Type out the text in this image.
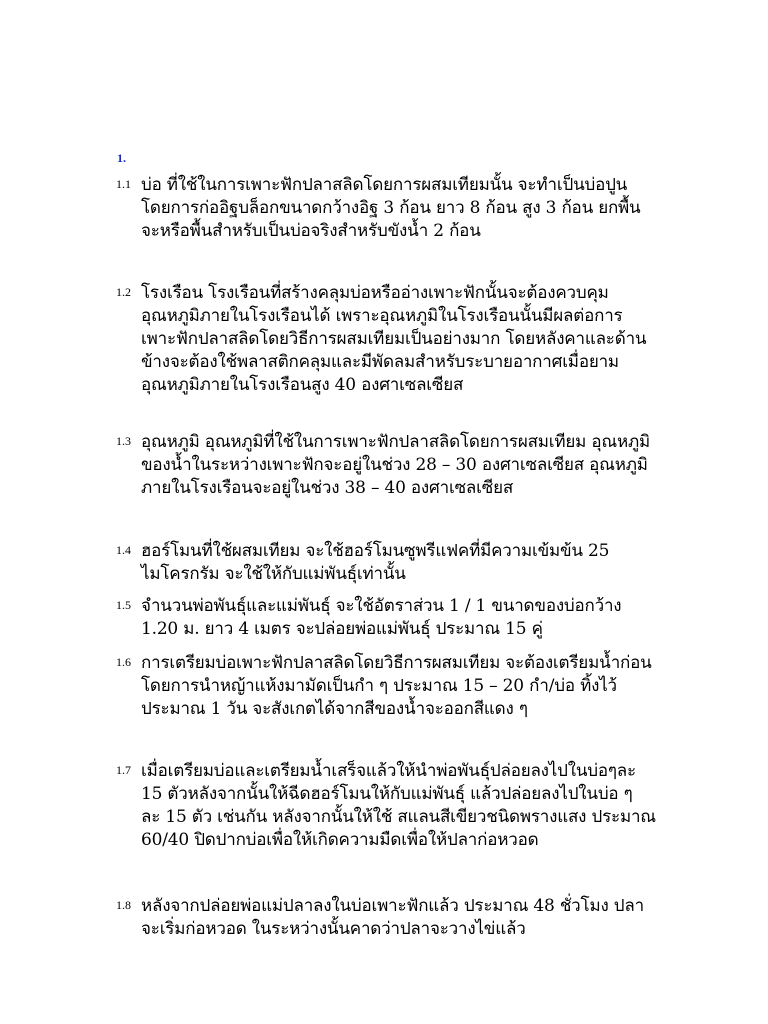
1.
1.1 บ่อ ที่ใช้ในการเพาะฟักปลาสลิดโดยการผสมเทียมนั้น จะทำเป็นบ่อปูนโดยการก่ออิฐบล็อกขนาดกว้างอิฐ 3 ก้อน ยาว 8 ก้อน สูง 3 ก้อน ยกพื้นจะหรือพื้นสำหรับเป็นบ่อจริงสำหรับขังน้ำ 2 ก้อน
1.2 โรงเรือน โรงเรือนที่สร้างคลุมบ่อหรืออ่างเพาะฟักนั้นจะต้องควบคุมอุณหภูมิภายในโรงเรือนได้ เพราะอุณหภูมิในโรงเรือนนั้นมีผลต่อการเพาะฟักปลาสลิดโดยวิธีการผสมเทียมเป็นอย่างมาก โดยหลังคาและด้านข้างจะต้องใช้พลาสติกคลุมและมีพัดลมสำหรับระบายอากาศเมื่อยามอุณหภูมิภายในโรงเรือนสูง 40 องศาเซลเซียส
1.3 อุณหภูมิ อุณหภูมิที่ใช้ในการเพาะฟักปลาสลิดโดยการผสมเทียม อุณหภูมิของน้ำในระหว่างเพาะฟักจะอยู่ในช่วง 28 – 30 องศาเซลเซียส อุณหภูมิภายในโรงเรือนจะอยู่ในช่วง 38 – 40 องศาเซลเซียส
1.4 ฮอร์โมนที่ใช้ผสมเทียม จะใช้ฮอร์โมนซูพรีแฟคที่มีความเข้มข้น 25 ไมโครกรัม จะใช้ให้กับแม่พันธุ์เท่านั้น
1.5 จำนวนพ่อพันธุ์และแม่พันธุ์ จะใช้อัตราส่วน 1 / 1 ขนาดของบ่อกว้าง 1.20 ม. ยาว 4 เมตร จะปล่อยพ่อแม่พันธุ์ ประมาณ 15 คู่
1.6 การเตรียมบ่อเพาะฟักปลาสลิดโดยวิธีการผสมเทียม จะต้องเตรียมน้ำก่อน โดยการนำหญ้าแห้งมามัดเป็นกำ ๆ ประมาณ 15 – 20 กำ/บ่อ ทิ้งไว้ประมาณ 1 วัน จะสังเกตได้จากสีของน้ำจะออกสีแดง ๆ
1.7 เมื่อเตรียมบ่อและเตรียมน้ำเสร็จแล้วให้นำพ่อพันธุ์ปล่อยลงไปในบ่อๆละ 15 ตัวหลังจากนั้นให้ฉีดฮอร์โมนให้กับแม่พันธุ์ แล้วปล่อยลงไปในบ่อ ๆ ละ 15 ตัว เช่นกัน หลังจากนั้นให้ใช้ สแลนสีเขียวชนิดพรางแสง ประมาณ 60/40 ปิดปากบ่อเพื่อให้เกิดความมืดเพื่อให้ปลาก่อหวอด
1.8 หลังจากปล่อยพ่อแม่ปลาลงในบ่อเพาะฟักแล้ว ประมาณ 48 ชั่วโมง ปลาจะเริ่มก่อหวอด ในระหว่างนั้นคาดว่าปลาจะวางไข่แล้ว
